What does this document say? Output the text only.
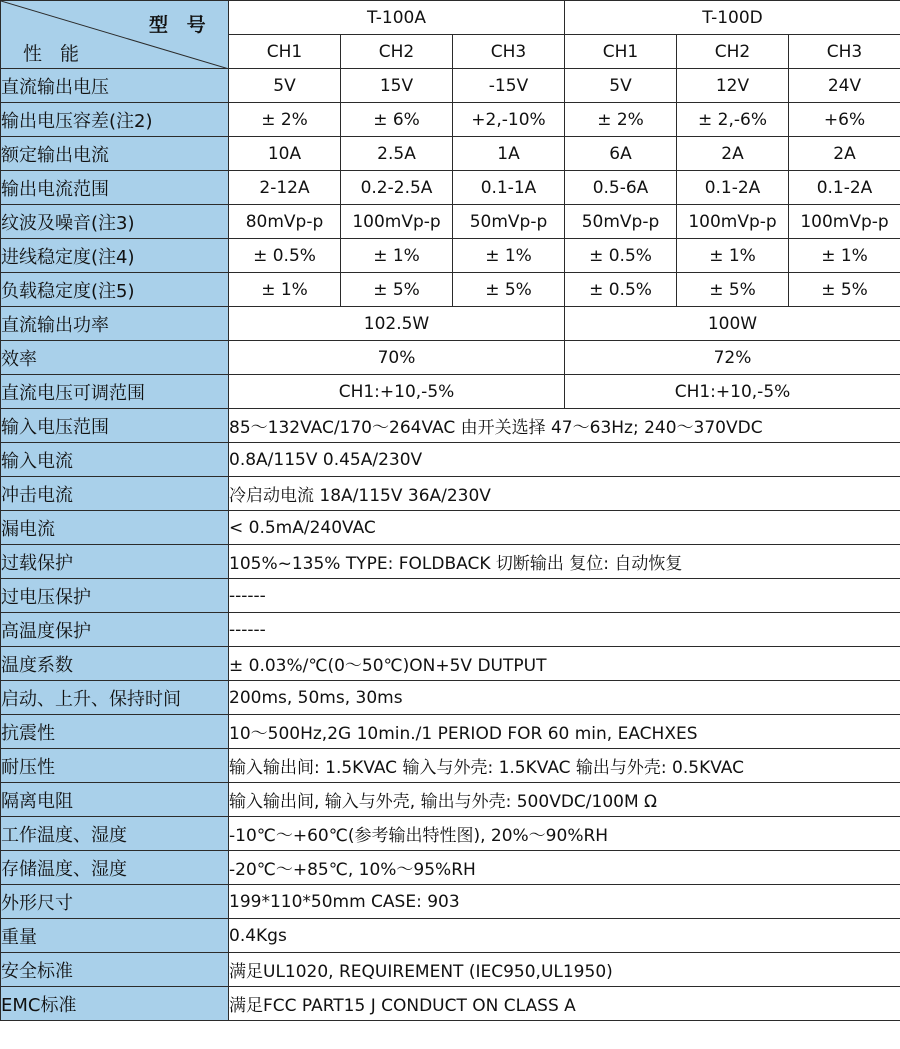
型 号
性 能	T-100A			T-100D		
	CH1	CH2	CH3	CH1	CH2	CH3
直流输出电压	5V	15V	-15V	5V	12V	24V
输出电压容差(注2)	± 2%	± 6%	+2,-10%	± 2%	± 2,-6%	+6%
额定输出电流	10A	2.5A	1A	6A	2A	2A
输出电流范围	2-12A	0.2-2.5A	0.1-1A	0.5-6A	0.1-2A	0.1-2A
纹波及噪音(注3)	80mVp-p	100mVp-p	50mVp-p	50mVp-p	100mVp-p	100mVp-p
进线稳定度(注4)	± 0.5%	± 1%	± 1%	± 0.5%	± 1%	± 1%
负载稳定度(注5)	± 1%	± 5%	± 5%	± 0.5%	± 5%	± 5%
直流输出功率	102.5W			100W		
效率	70%			72%		
直流电压可调范围	CH1:+10,-5%			CH1:+10,-5%		
输入电压范围	85～132VAC/170～264VAC 由开关选择 47～63Hz; 240～370VDC					
输入电流	0.8A/115V 0.45A/230V					
冲击电流	冷启动电流 18A/115V 36A/230V					
漏电流	< 0.5mA/240VAC					
过载保护	105%~135% TYPE: FOLDBACK 切断输出 复位: 自动恢复					
过电压保护	------					
高温度保护	------					
温度系数	± 0.03%/℃(0～50℃)ON+5V DUTPUT					
启动、上升、保持时间	200ms, 50ms, 30ms					
抗震性	10～500Hz,2G 10min./1 PERIOD FOR 60 min, EACHXES					
耐压性	输入输出间: 1.5KVAC 输入与外壳: 1.5KVAC 输出与外壳: 0.5KVAC					
隔离电阻	输入输出间, 输入与外壳, 输出与外壳: 500VDC/100M Ω					
工作温度、湿度	-10℃～+60℃(参考输出特性图), 20%～90%RH					
存储温度、湿度	-20℃～+85℃, 10%～95%RH					
外形尺寸	199*110*50mm CASE: 903					
重量	0.4Kgs					
安全标准	满足UL1020, REQUIREMENT (IEC950,UL1950)					
EMC标准	满足FCC PART15 J CONDUCT ON CLASS A					
